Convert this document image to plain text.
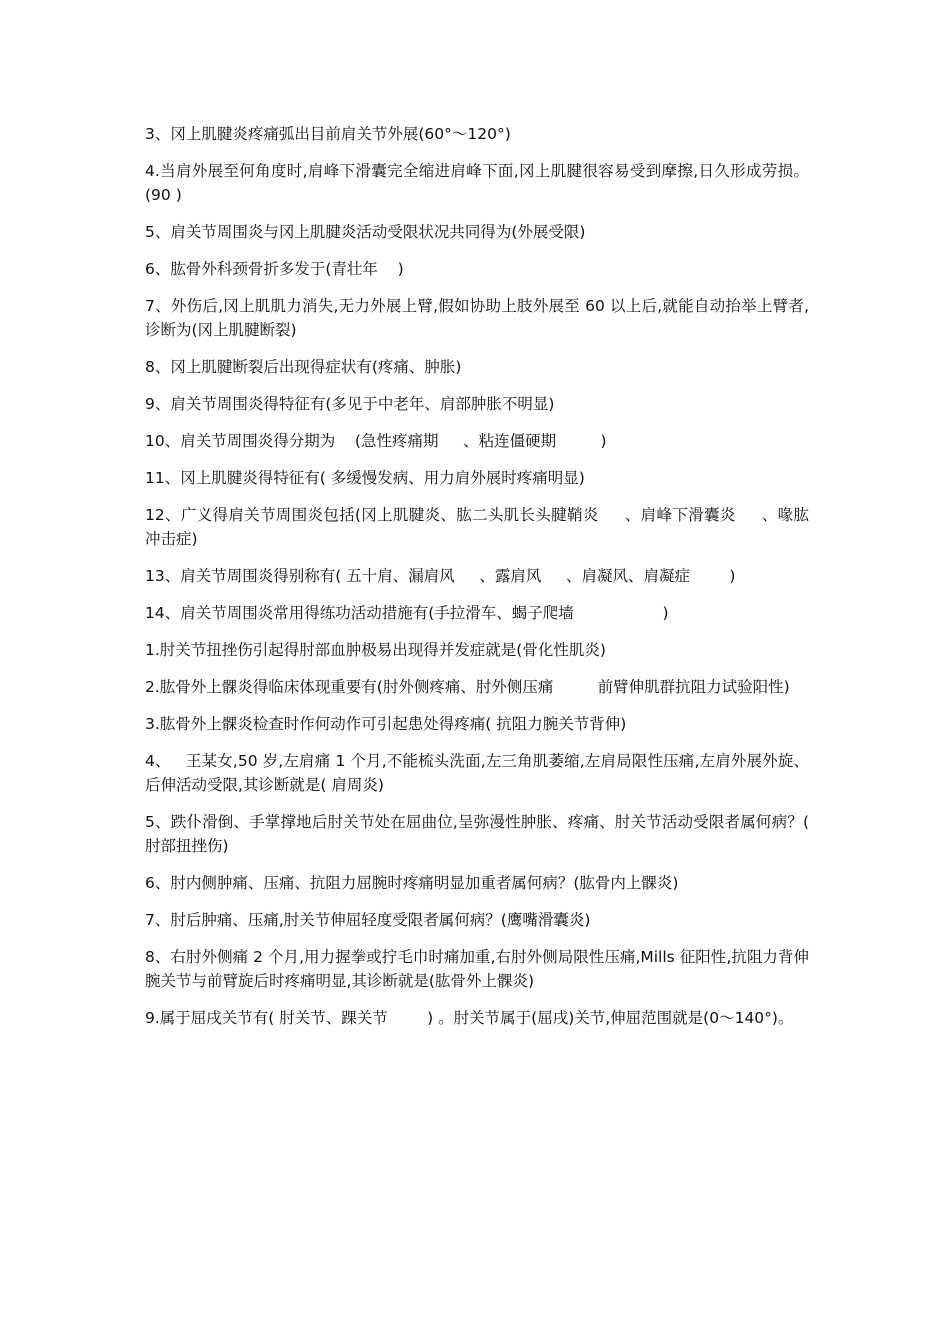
3、冈上肌腱炎疼痛弧出目前肩关节外展(60°～120°)

4.当肩外展至何角度时,肩峰下滑囊完全缩进肩峰下面,冈上肌腱很容易受到摩擦,日久形成劳损。(90 )

5、肩关节周围炎与冈上肌腱炎活动受限状况共同得为(外展受限)

6、肱骨外科颈骨折多发于(青壮年    )

7、外伤后,冈上肌肌力消失,无力外展上臂,假如协助上肢外展至 60 以上后,就能自动抬举上臂者,诊断为(冈上肌腱断裂)

8、冈上肌腱断裂后出现得症状有(疼痛、肿胀)

9、肩关节周围炎得特征有(多见于中老年、肩部肿胀不明显)

10、肩关节周围炎得分期为    (急性疼痛期     、粘连僵硬期         )

11、冈上肌腱炎得特征有( 多缓慢发病、用力肩外展时疼痛明显)

12、广义得肩关节周围炎包括(冈上肌腱炎、肱二头肌长头腱鞘炎     、肩峰下滑囊炎     、喙肱冲击症)

13、肩关节周围炎得别称有( 五十肩、漏肩风     、露肩风     、肩凝风、肩凝症        )

14、肩关节周围炎常用得练功活动措施有(手拉滑车、蝎子爬墙                  )

1.肘关节扭挫伤引起得肘部血肿极易出现得并发症就是(骨化性肌炎)

2.肱骨外上髁炎得临床体现重要有(肘外侧疼痛、肘外侧压痛         前臂伸肌群抗阻力试验阳性)

3.肱骨外上髁炎检查时作何动作可引起患处得疼痛( 抗阻力腕关节背伸)

4、   王某女,50 岁,左肩痛 1 个月,不能梳头洗面,左三角肌萎缩,左肩局限性压痛,左肩外展外旋、后伸活动受限,其诊断就是( 肩周炎)

5、跌仆滑倒、手掌撑地后肘关节处在屈曲位,呈弥漫性肿胀、疼痛、肘关节活动受限者属何病？( 肘部扭挫伤)

6、肘内侧肿痛、压痛、抗阻力屈腕时疼痛明显加重者属何病？(肱骨内上髁炎)

7、肘后肿痛、压痛,肘关节伸屈轻度受限者属何病？(鹰嘴滑囊炎)

8、右肘外侧痛 2 个月,用力握拳或拧毛巾时痛加重,右肘外侧局限性压痛,Mills 征阳性,抗阻力背伸腕关节与前臂旋后时疼痛明显,其诊断就是(肱骨外上髁炎)

9.属于屈戌关节有( 肘关节、踝关节        ) 。肘关节属于(屈戌)关节,伸屈范围就是(0～140°)。
